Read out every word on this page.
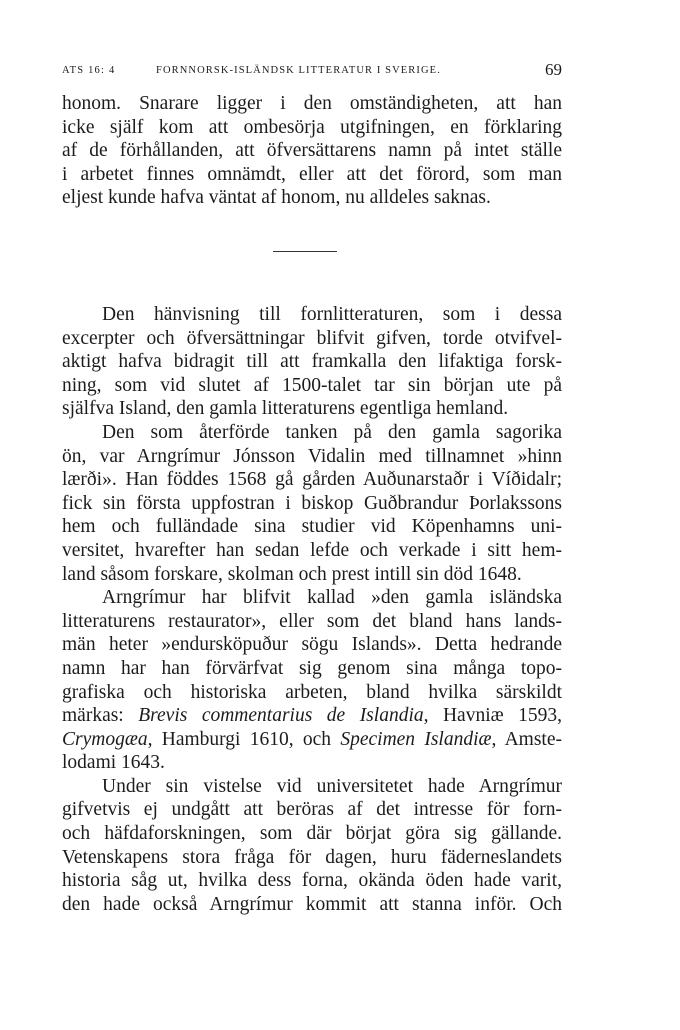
ATS 16: 4	FORNNORSK-ISLÄNDSK LITTERATUR I SVERIGE.	69
honom. Snarare ligger i den omständigheten, att han
icke själf kom att ombesörja utgifningen, en förklaring
af de förhållanden, att öfversättarens namn på intet ställe
i arbetet finnes omnämdt, eller att det förord, som man
eljest kunde hafva väntat af honom, nu alldeles saknas.
Den hänvisning till fornlitteraturen, som i dessa
excerpter och öfversättningar blifvit gifven, torde otvifvel-
aktigt hafva bidragit till att framkalla den lifaktiga forsk-
ning, som vid slutet af 1500-talet tar sin början ute på
själfva Island, den gamla litteraturens egentliga hemland.
Den som återförde tanken på den gamla sagorika
ön, var Arngrímur Jónsson Vidalin med tillnamnet »hinn
lærði». Han föddes 1568 gå gården Auðunarstaðr i Víðidalr;
fick sin första uppfostran i biskop Guðbrandur Þorlakssons
hem och fulländade sina studier vid Köpenhamns uni-
versitet, hvarefter han sedan lefde och verkade i sitt hem-
land såsom forskare, skolman och prest intill sin död 1648.
Arngrímur har blifvit kallad »den gamla isländska
litteraturens restaurator», eller som det bland hans lands-
män heter »endursköpuður sögu Islands». Detta hedrande
namn har han förvärfvat sig genom sina många topo-
grafiska och historiska arbeten, bland hvilka särskildt
märkas: Brevis commentarius de Islandia, Havniæ 1593,
Crymogæa, Hamburgi 1610, och Specimen Islandiæ, Amste-
lodami 1643.
Under sin vistelse vid universitetet hade Arngrímur
gifvetvis ej undgått att beröras af det intresse för forn-
och häfdaforskningen, som där börjat göra sig gällande.
Vetenskapens stora fråga för dagen, huru fäderneslandets
historia såg ut, hvilka dess forna, okända öden hade varit,
den hade också Arngrímur kommit att stanna inför. Och
